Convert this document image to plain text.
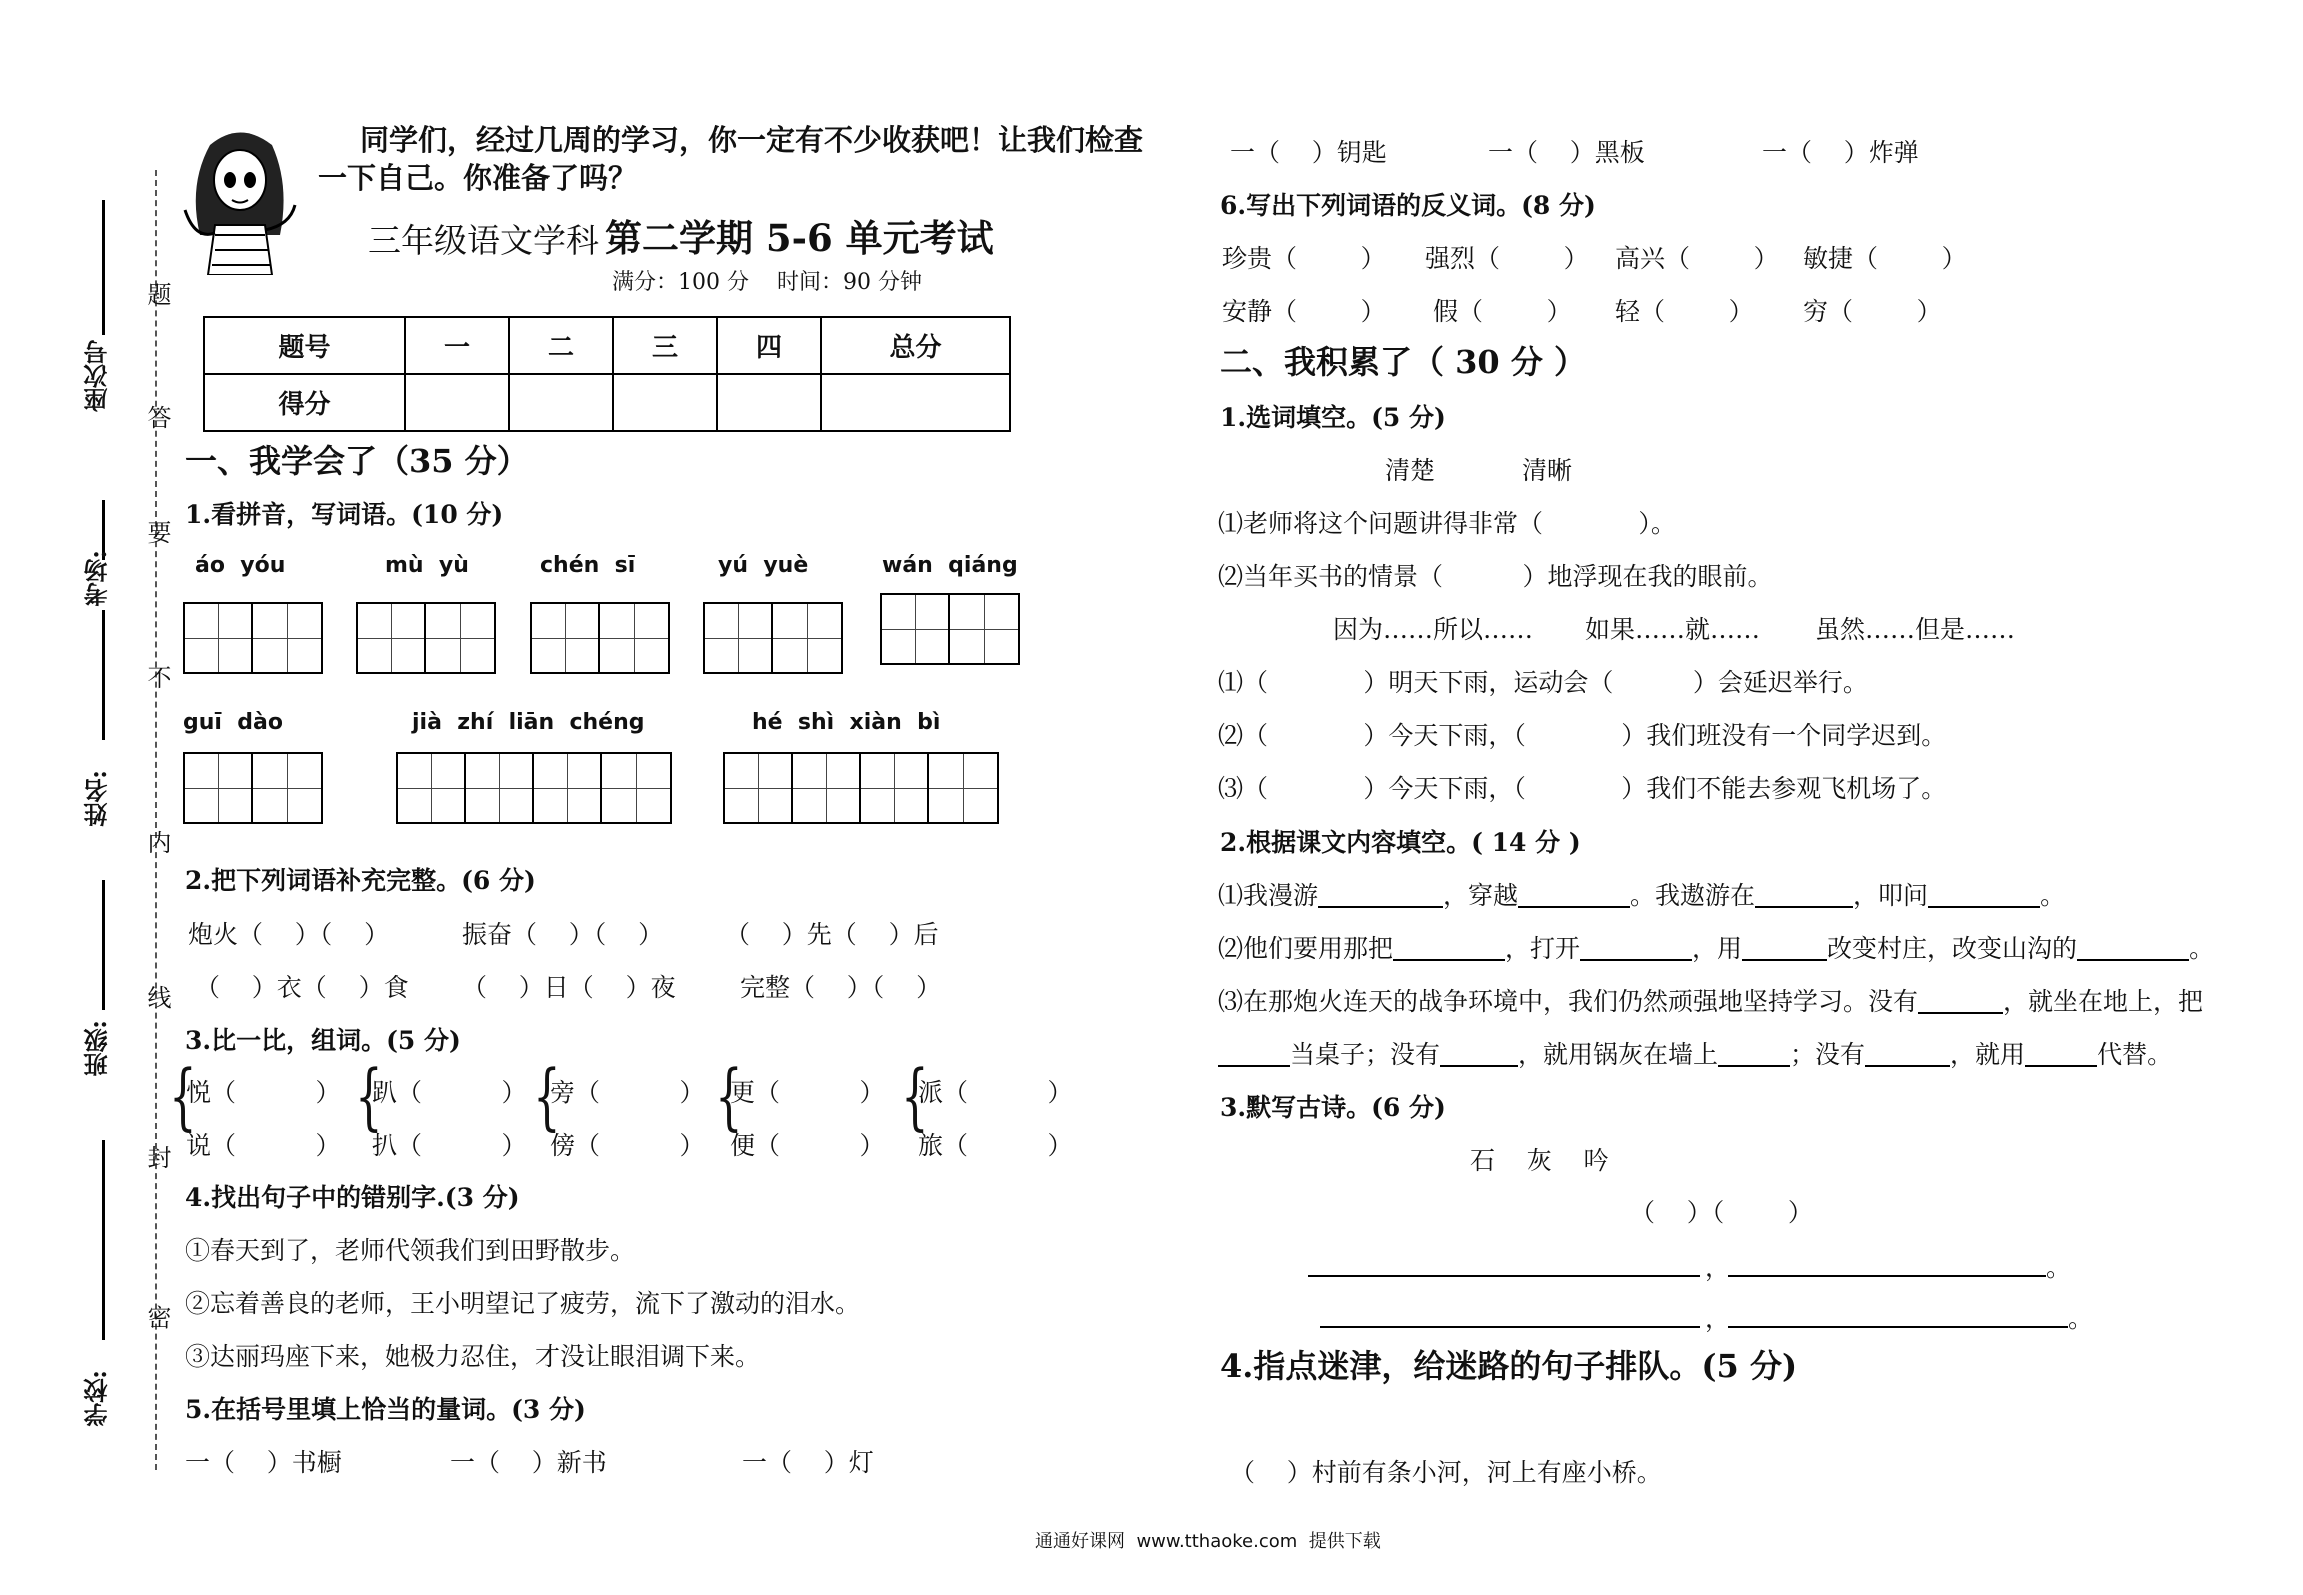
座次号
考场:
姓名:
班级:
学校:
题
答
要
不
内
线
封
密
同学们，经过几周的学习，你一定有不少收获吧！让我们检查
一下自己。你准备了吗？
三年级语文学科 第二学期 5-6 单元考试
满分：100 分    时间：90 分钟
题号	一	二	三	四	总分
得分					
一、我学会了（35 分）
1.看拼音，写词语。(10 分)
áo  yóu	mù  yù	chén  sī	yú  yuè	wán  qiáng
guī  dào	jià  zhí  liān  chéng	hé  shì  xiàn  bì
2.把下列词语补充完整。(6 分)
炮火（    ）（    ）	振奋（    ）（    ） （    ）先（    ）后
（    ）衣（    ）食 （    ）日（    ）夜	完整（    ）（    ）
3.比一比，组词。(5 分)
{
悦（          ）
说（          ）
{
趴（          ）
扒（          ）
{
旁（          ）
傍（          ）
{
更（          ）
便（          ）
{
派（          ）
旅（          ）
4.找出句子中的错别字.(3 分)
①春天到了，老师代领我们到田野散步。
②忘着善良的老师，王小明望记了疲劳，流下了激动的泪水。
③达丽玛座下来，她极力忍住，才没让眼泪调下来。
5.在括号里填上恰当的量词。(3 分)
一（    ）书橱	一（    ）新书	一（    ）灯
一（    ）钥匙	一（    ）黑板	一（    ）炸弹
6.写出下列词语的反义词。(8 分)
珍贵（        ） 强烈（        ） 高兴（        ） 敏捷（        ）
安静（        ） 假（        ） 轻（        ） 穷（        ）
二、我积累了（ 30 分 ）
1.选词填空。(5 分)
清楚	清晰
⑴老师将这个问题讲得非常（            ）。
⑵当年买书的情景（          ）地浮现在我的眼前。
因为……所以…… 如果……就…… 虽然……但是……
⑴（            ）明天下雨，运动会（          ）会延迟举行。
⑵（            ）今天下雨，（            ）我们班没有一个同学迟到。
⑶（            ）今天下雨，（            ）我们不能去参观飞机场了。
2.根据课文内容填空。( 14 分 )
⑴我漫游	，穿越	。我遨游在	，叩问	。
⑵他们要用那把	，打开	，用	改变村庄，改变山沟的	。
⑶在那炮火连天的战争环境中，我们仍然顽强地坚持学习。没有	，就坐在地上，把
当桌子；没有	，就用锅灰在墙上	；没有	，就用	代替。
3.默写古诗。(6 分)
石    灰    吟
（    ）（        ）
，	。
，	。
4.指点迷津，给迷路的句子排队。(5 分)
（    ）村前有条小河，河上有座小桥。
通通好课网  www.tthaoke.com  提供下载
